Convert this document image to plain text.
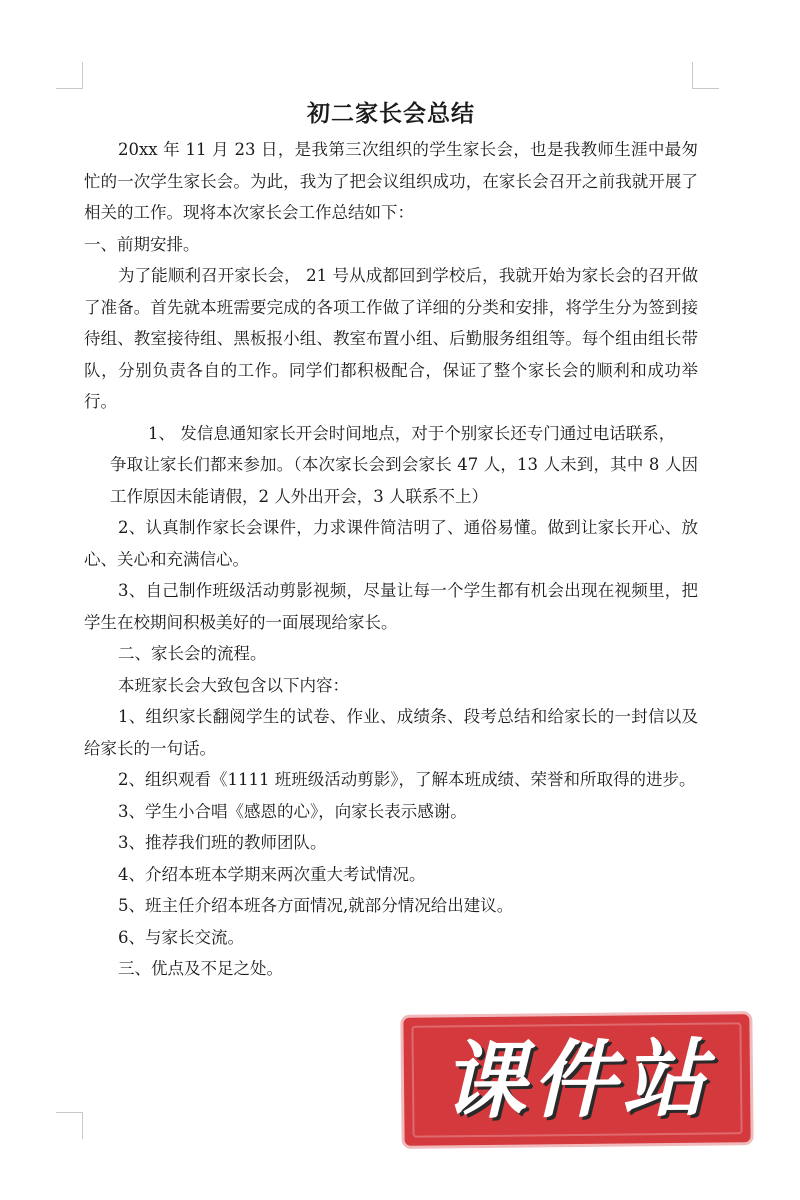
初二家长会总结

20xx 年 11 月 23 日，是我第三次组织的学生家长会，也是我教师生涯中最匆忙的一次学生家长会。为此，我为了把会议组织成功，在家长会召开之前我就开展了相关的工作。现将本次家长会工作总结如下：

一、前期安排。

为了能顺利召开家长会， 21 号从成都回到学校后，我就开始为家长会的召开做了准备。首先就本班需要完成的各项工作做了详细的分类和安排，将学生分为签到接待组、教室接待组、黑板报小组、教室布置小组、后勤服务组组等。每个组由组长带队，分别负责各自的工作。同学们都积极配合，保证了整个家长会的顺利和成功举行。

1、 发信息通知家长开会时间地点，对于个别家长还专门通过电话联系，

争取让家长们都来参加。（本次家长会到会家长 47 人，13 人未到，其中 8 人因工作原因未能请假，2 人外出开会，3 人联系不上）

2、认真制作家长会课件，力求课件简洁明了、通俗易懂。做到让家长开心、放心、关心和充满信心。

3、自己制作班级活动剪影视频，尽量让每一个学生都有机会出现在视频里，把学生在校期间积极美好的一面展现给家长。

二、家长会的流程。

本班家长会大致包含以下内容：

1、组织家长翻阅学生的试卷、作业、成绩条、段考总结和给家长的一封信以及给家长的一句话。

2、组织观看《1111 班班级活动剪影》，了解本班成绩、荣誉和所取得的进步。

3、学生小合唱《感恩的心》，向家长表示感谢。

3、推荐我们班的教师团队。

4、介绍本班本学期来两次重大考试情况。

5、班主任介绍本班各方面情况,就部分情况给出建议。

6、与家长交流。

三、优点及不足之处。

课件站
